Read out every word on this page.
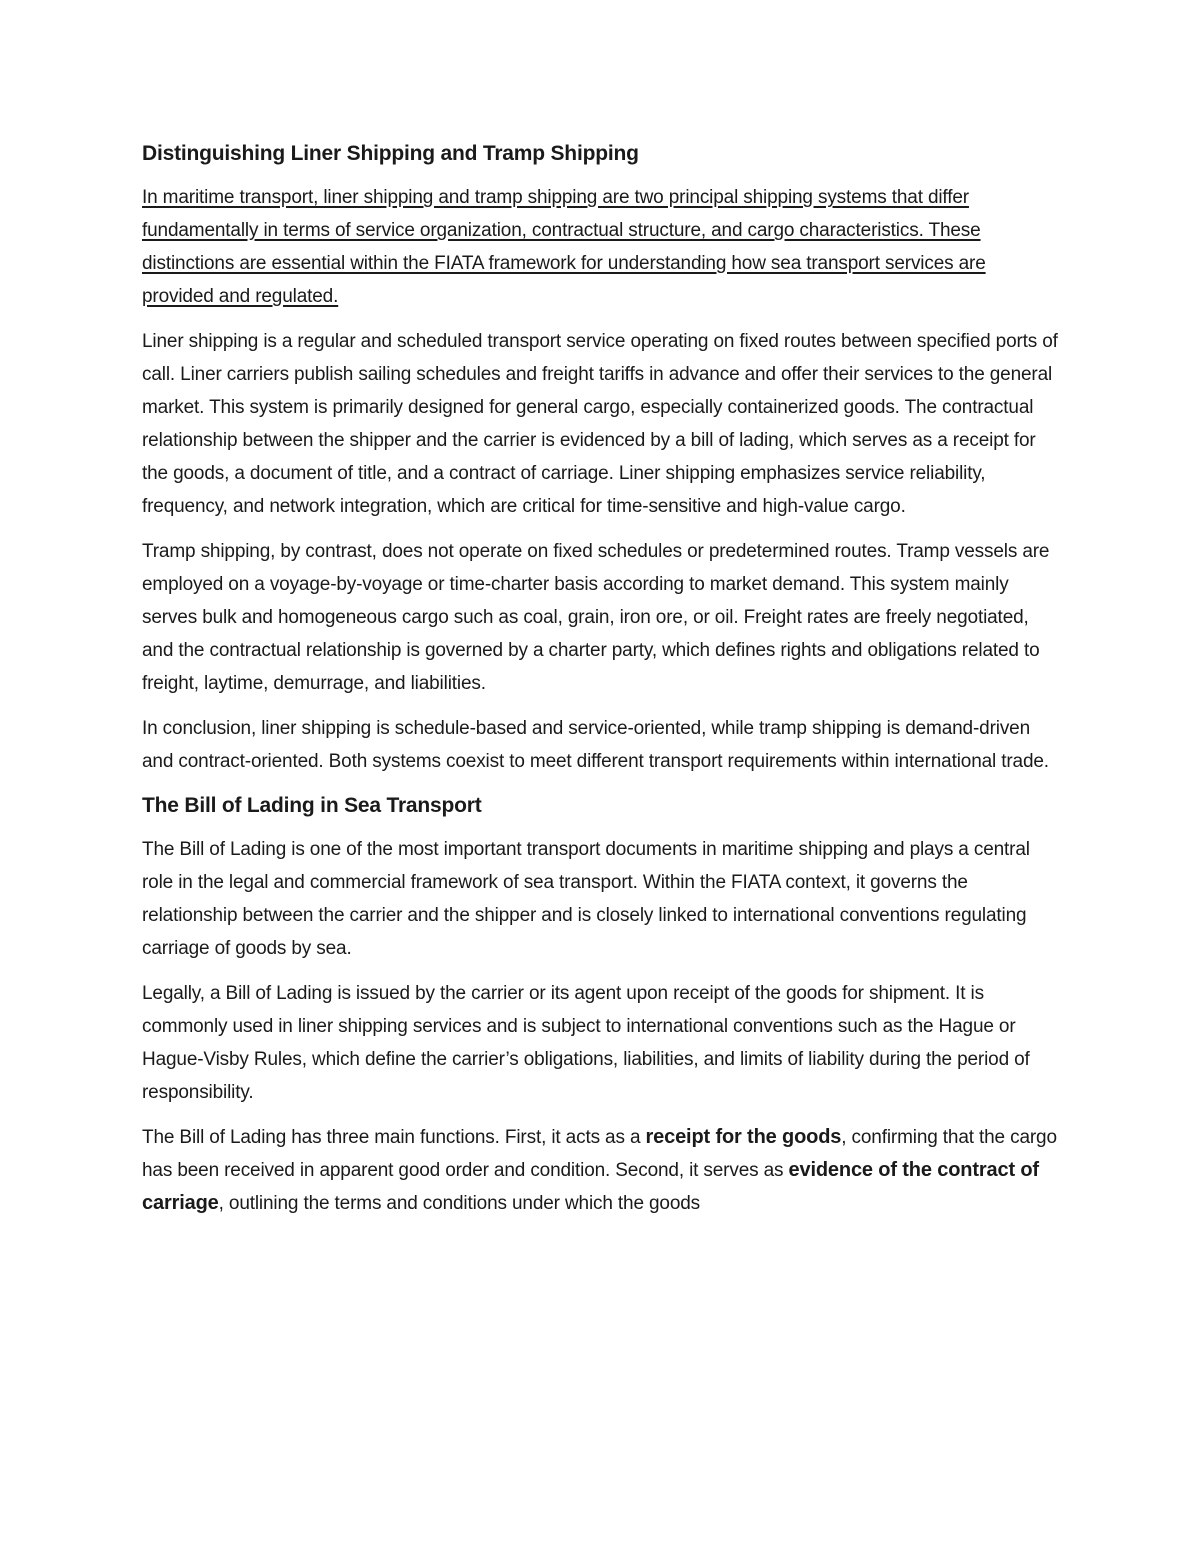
Distinguishing Liner Shipping and Tramp Shipping

In maritime transport, liner shipping and tramp shipping are two principal shipping systems that differ fundamentally in terms of service organization, contractual structure, and cargo characteristics. These distinctions are essential within the FIATA framework for understanding how sea transport services are provided and regulated.

Liner shipping is a regular and scheduled transport service operating on fixed routes between specified ports of call. Liner carriers publish sailing schedules and freight tariffs in advance and offer their services to the general market. This system is primarily designed for general cargo, especially containerized goods. The contractual relationship between the shipper and the carrier is evidenced by a bill of lading, which serves as a receipt for the goods, a document of title, and a contract of carriage. Liner shipping emphasizes service reliability, frequency, and network integration, which are critical for time-sensitive and high-value cargo.

Tramp shipping, by contrast, does not operate on fixed schedules or predetermined routes. Tramp vessels are employed on a voyage-by-voyage or time-charter basis according to market demand. This system mainly serves bulk and homogeneous cargo such as coal, grain, iron ore, or oil. Freight rates are freely negotiated, and the contractual relationship is governed by a charter party, which defines rights and obligations related to freight, laytime, demurrage, and liabilities.

In conclusion, liner shipping is schedule-based and service-oriented, while tramp shipping is demand-driven and contract-oriented. Both systems coexist to meet different transport requirements within international trade.

The Bill of Lading in Sea Transport

The Bill of Lading is one of the most important transport documents in maritime shipping and plays a central role in the legal and commercial framework of sea transport. Within the FIATA context, it governs the relationship between the carrier and the shipper and is closely linked to international conventions regulating carriage of goods by sea.

Legally, a Bill of Lading is issued by the carrier or its agent upon receipt of the goods for shipment. It is commonly used in liner shipping services and is subject to international conventions such as the Hague or Hague-Visby Rules, which define the carrier’s obligations, liabilities, and limits of liability during the period of responsibility.

The Bill of Lading has three main functions. First, it acts as a receipt for the goods, confirming that the cargo has been received in apparent good order and condition. Second, it serves as evidence of the contract of carriage, outlining the terms and conditions under which the goods
